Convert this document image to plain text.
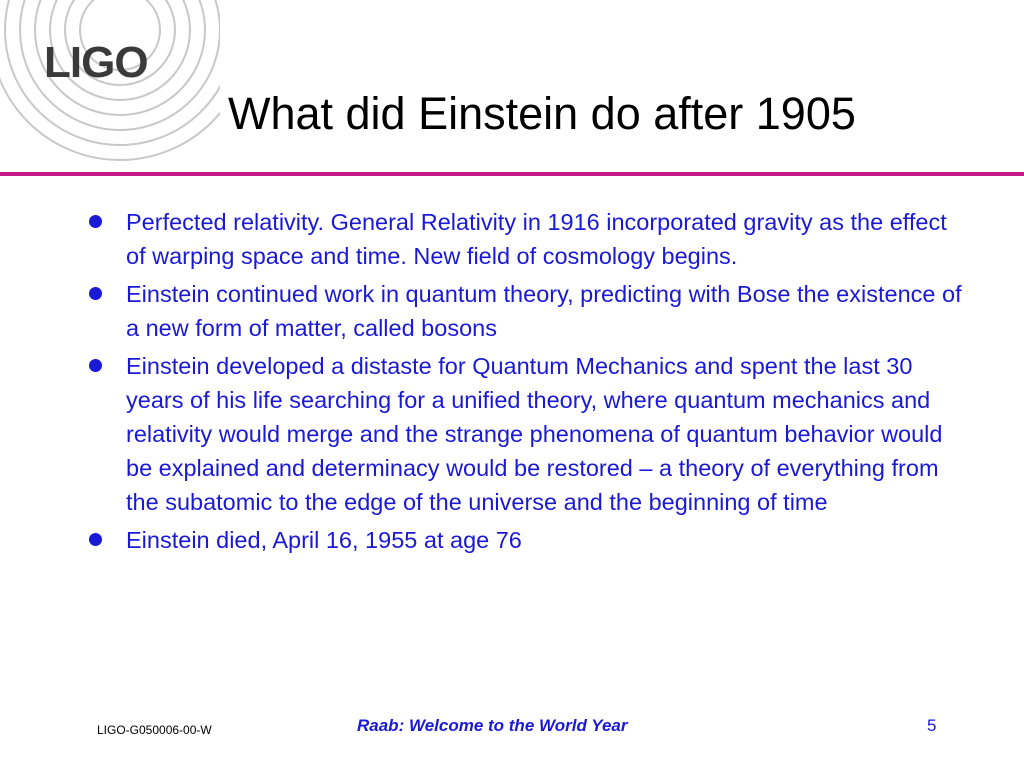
LIGO
What did Einstein do after 1905
Perfected relativity. General Relativity in 1916 incorporated gravity as the effect of warping space and time. New field of cosmology begins.
Einstein continued work in quantum theory, predicting with Bose the existence of a new form of matter, called bosons
Einstein developed a distaste for Quantum Mechanics and spent the last 30 years of his life searching for a unified theory, where quantum mechanics and relativity would merge and the strange phenomena of quantum behavior would be explained and determinacy would be restored – a theory of everything from the subatomic to the edge of the universe and the beginning of time
Einstein died, April 16, 1955 at age 76
LIGO-G050006-00-W	Raab: Welcome to the World Year	5
